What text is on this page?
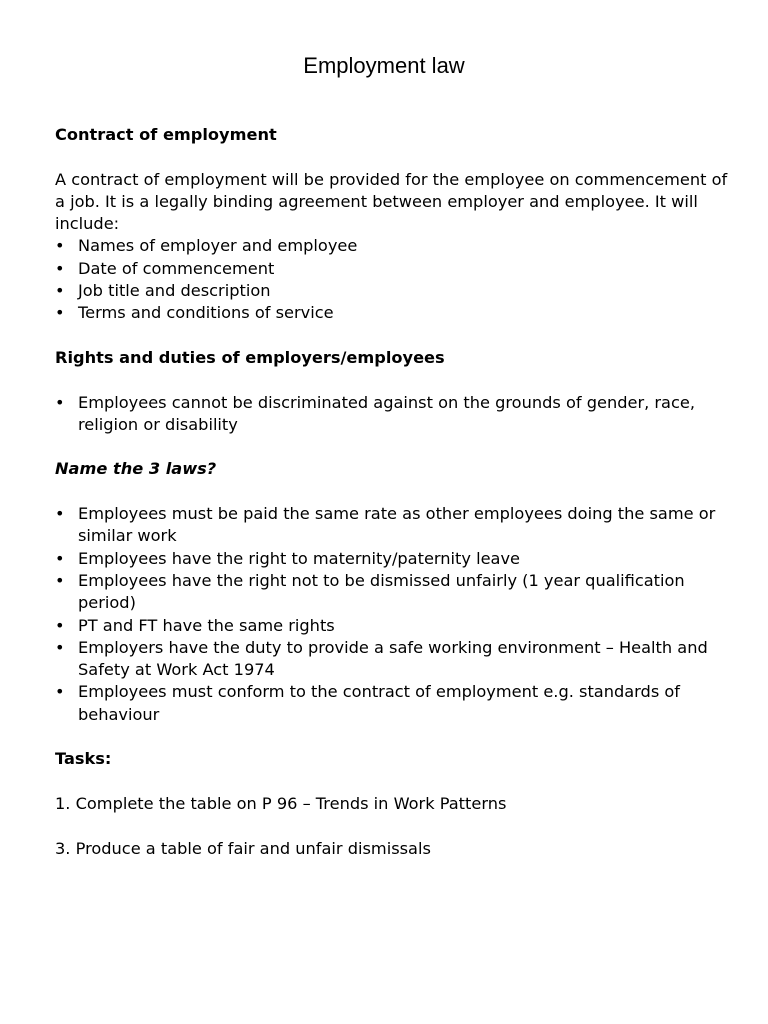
Employment law
Contract of employment

A contract of employment will be provided for the employee on commencement of a job. It is a legally binding agreement between employer and employee. It will include:

• Names of employer and employee
• Date of commencement
• Job title and description
• Terms and conditions of service
Rights and duties of employers/employees
• Employees cannot be discriminated against on the grounds of gender, race, religion or disability
Name the 3 laws?
• Employees must be paid the same rate as other employees doing the same or similar work
• Employees have the right to maternity/paternity leave
• Employees have the right not to be dismissed unfairly (1 year qualification period)
• PT and FT have the same rights
• Employers have the duty to provide a safe working environment – Health and Safety at Work Act 1974
• Employees must conform to the contract of employment e.g. standards of behaviour
Tasks:

1. Complete the table on P 96 – Trends in Work Patterns

3. Produce a table of fair and unfair dismissals
